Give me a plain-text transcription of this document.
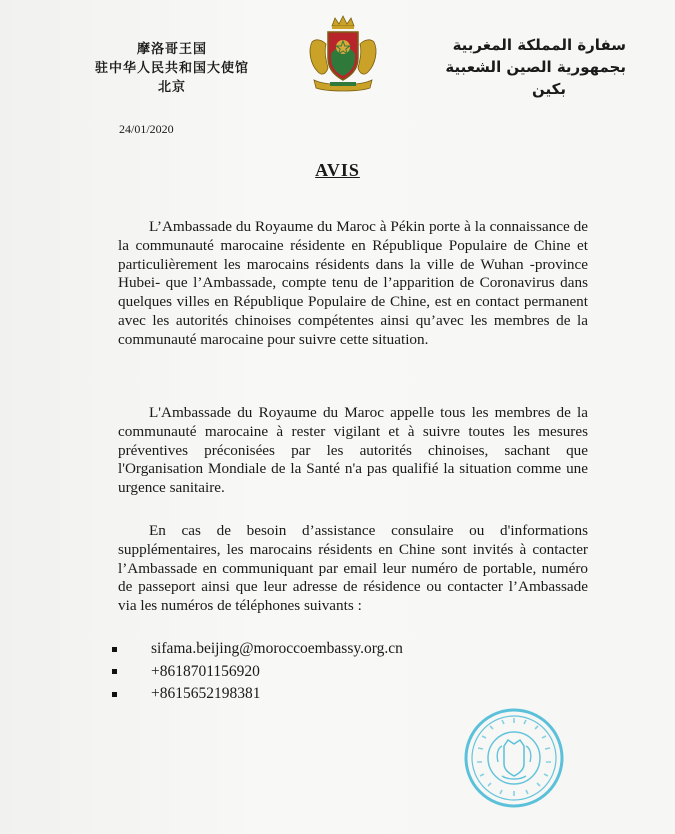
摩洛哥王国
驻中华人民共和国大使馆
北京
سفارة المملكة المغربية
بجمهورية الصين الشعبية
بكين
24/01/2020
AVIS
L’Ambassade du Royaume du Maroc à Pékin porte à la connaissance de la communauté marocaine résidente en République Populaire de Chine et particulièrement les marocains résidents dans la ville de Wuhan -province Hubei- que l’Ambassade, compte tenu de l’apparition de Coronavirus dans quelques villes en République Populaire de Chine, est en contact permanent avec les autorités chinoises compétentes ainsi qu’avec les membres de la communauté marocaine pour suivre cette situation.
L'Ambassade du Royaume du Maroc appelle tous les membres de la communauté marocaine à rester vigilant et à suivre toutes les mesures préventives préconisées par les autorités chinoises, sachant que l'Organisation Mondiale de la Santé n'a pas qualifié la situation comme une urgence sanitaire.
En cas de besoin d’assistance consulaire ou d'informations supplémentaires, les marocains résidents en Chine sont invités à contacter l’Ambassade en communiquant par email leur numéro de portable, numéro de passeport ainsi que leur adresse de résidence ou contacter l’Ambassade via les numéros de téléphones suivants :
sifama.beijing@moroccoembassy.org.cn
+8618701156920
+8615652198381
